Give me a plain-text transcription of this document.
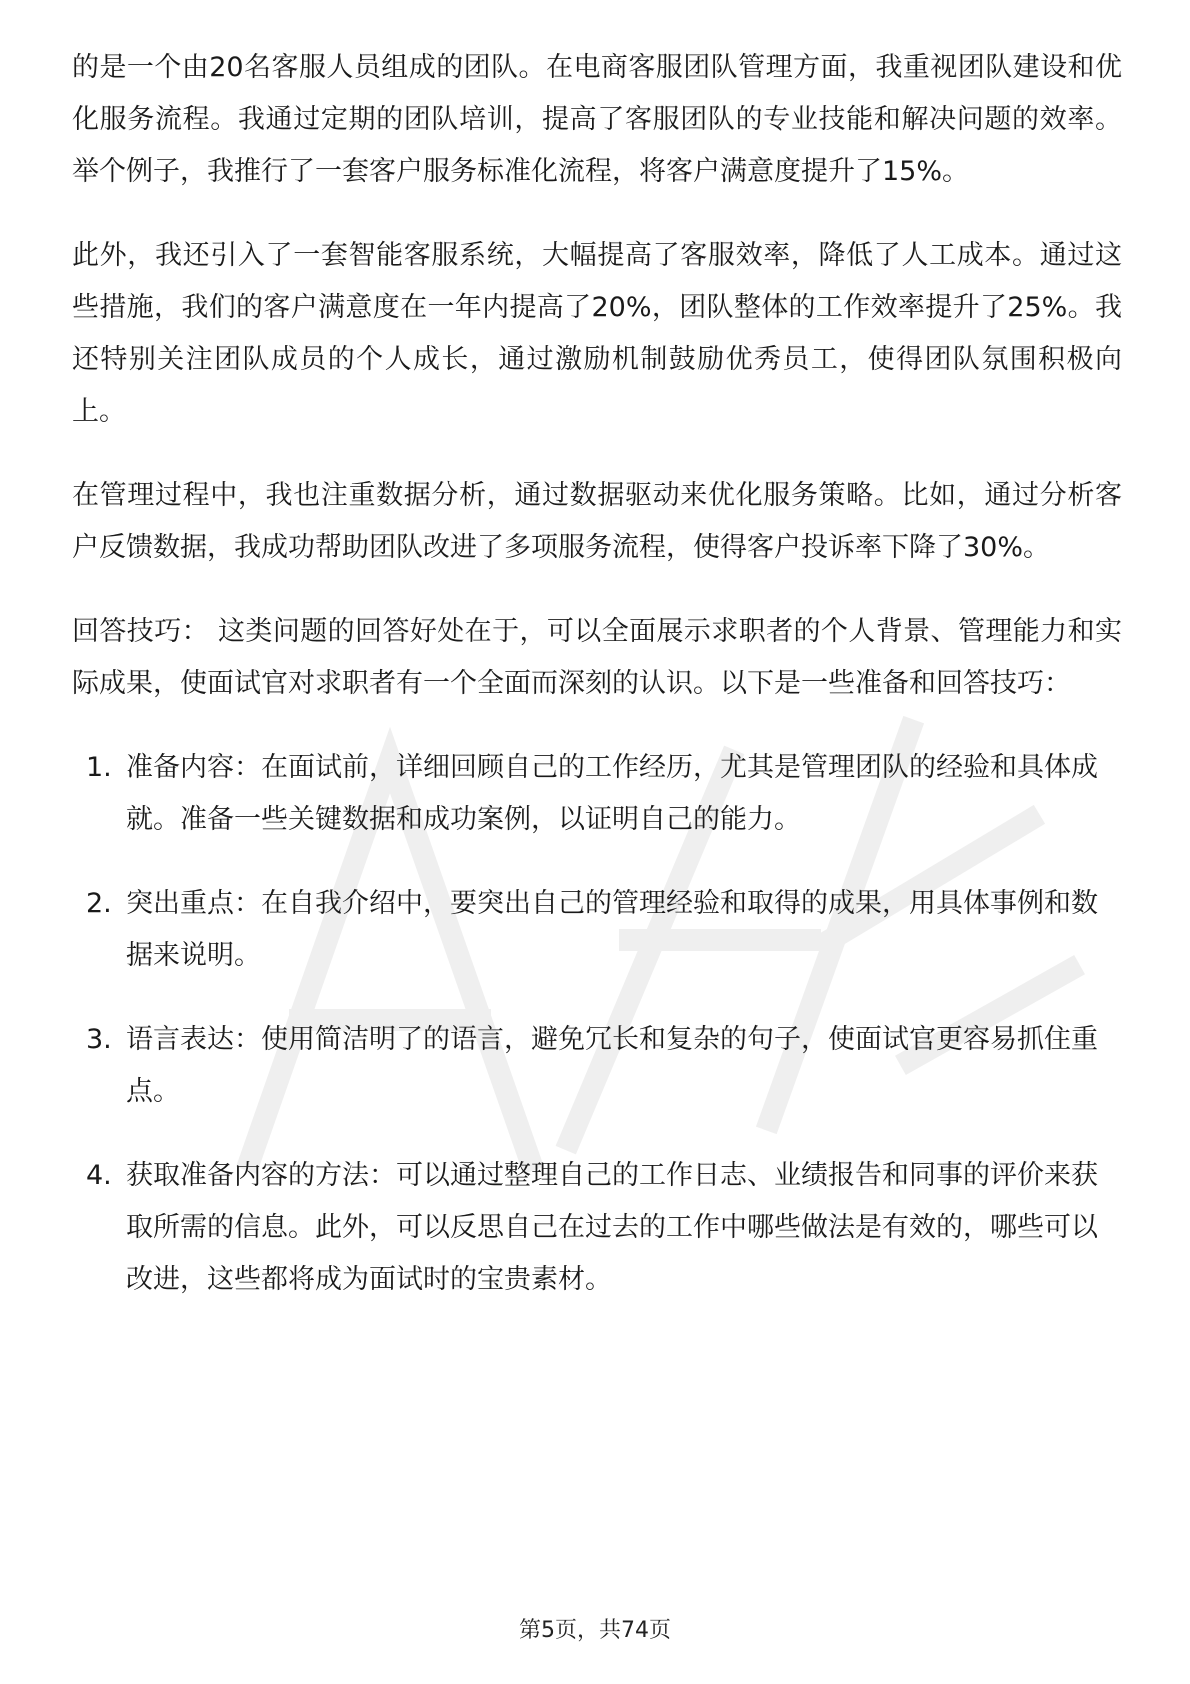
的是一个由20名客服人员组成的团队。在电商客服团队管理方面，我重视团队建设和优化服务流程。我通过定期的团队培训，提高了客服团队的专业技能和解决问题的效率。举个例子，我推行了一套客户服务标准化流程，将客户满意度提升了15%。

此外，我还引入了一套智能客服系统，大幅提高了客服效率，降低了人工成本。通过这些措施，我们的客户满意度在一年内提高了20%，团队整体的工作效率提升了25%。我还特别关注团队成员的个人成长，通过激励机制鼓励优秀员工，使得团队氛围积极向上。

在管理过程中，我也注重数据分析，通过数据驱动来优化服务策略。比如，通过分析客户反馈数据，我成功帮助团队改进了多项服务流程，使得客户投诉率下降了30%。

回答技巧： 这类问题的回答好处在于，可以全面展示求职者的个人背景、管理能力和实际成果，使面试官对求职者有一个全面而深刻的认识。以下是一些准备和回答技巧：

1. 准备内容：在面试前，详细回顾自己的工作经历，尤其是管理团队的经验和具体成就。准备一些关键数据和成功案例，以证明自己的能力。
2. 突出重点：在自我介绍中，要突出自己的管理经验和取得的成果，用具体事例和数据来说明。
3. 语言表达：使用简洁明了的语言，避免冗长和复杂的句子，使面试官更容易抓住重点。
4. 获取准备内容的方法：可以通过整理自己的工作日志、业绩报告和同事的评价来获取所需的信息。此外，可以反思自己在过去的工作中哪些做法是有效的，哪些可以改进，这些都将成为面试时的宝贵素材。
第5页，共74页
